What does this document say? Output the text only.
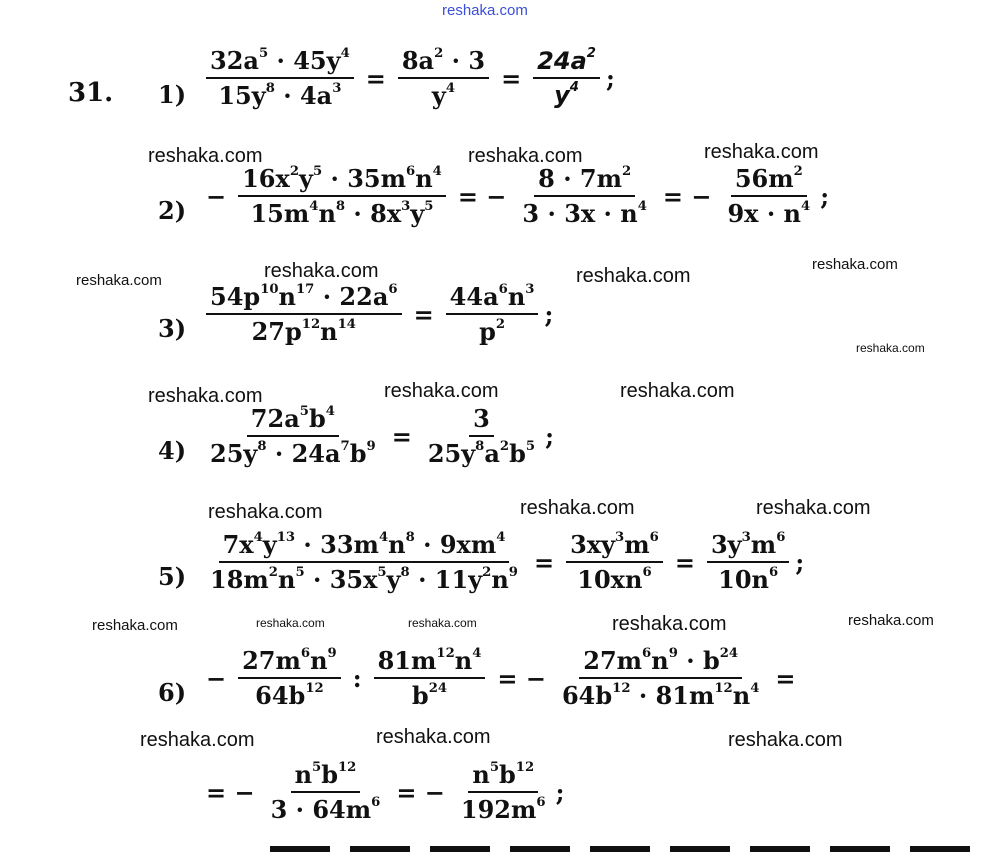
reshaka.com
reshaka.com	reshaka.com	reshaka.com
reshaka.com	reshaka.com	reshaka.com
reshaka.com
reshaka.com
reshaka.com	reshaka.com	reshaka.com
reshaka.com	reshaka.com	reshaka.com
reshaka.com	reshaka.com	reshaka.com	reshaka.com	reshaka.com
reshaka.com	reshaka.com	reshaka.com
31. $1) \frac{32a^5 \cdot 45y^4}{15y^8 \cdot 4a^3} = \frac{8a^2 \cdot 3}{y^4} = \frac{24a^2}{y^4}$ ;
$2) - \frac{16x^2y^5 \cdot 35m^6n^4}{15m^4n^8 \cdot 8x^3y^5}$ = − $\frac{8 \cdot 7m^2}{3 \cdot 3x \cdot n^4}$ = − $\frac{56m^2}{9x \cdot n^4}$ ;
$3) \frac{54p^{10}n^{17} \cdot 22a^6}{27p^{12}n^{14}} = \frac{44a^6n^3}{p^2}$ ;
$4) \frac{72a^5b^4}{25y^8 \cdot 24a^7b^9} = \frac{3}{25y^8a^2b^5}$ ;
$5) \frac{7x^4y^{13} \cdot 33m^4n^8 \cdot 9xm^4}{18m^2n^5 \cdot 35x^5y^8 \cdot 11y^2n^9} = \frac{3xy^3m^6}{10xn^6} = \frac{3y^3m^6}{10n^6}$ ;
$6) - \frac{27m^6n^9}{64b^{12}}$ : $\frac{81m^{12}n^4}{b^{24}}$ = − $\frac{27m^6n^9 \cdot b^{24}}{64b^{12} \cdot 81m^{12}n^4}$ =
= − $\frac{n^5b^{12}}{3 \cdot 64m^6}$ = − $\frac{n^5b^{12}}{192m^6}$ ;
